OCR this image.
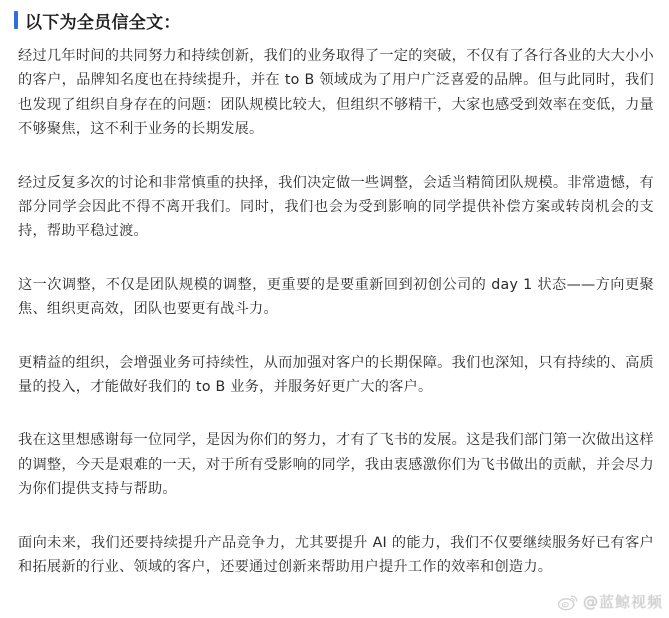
以下为全员信全文：

经过几年时间的共同努力和持续创新，我们的业务取得了一定的突破，不仅有了各行各业的大大小小的客户，品牌知名度也在持续提升，并在 to B 领域成为了用户广泛喜爱的品牌。但与此同时，我们也发现了组织自身存在的问题：团队规模比较大，但组织不够精干，大家也感受到效率在变低，力量不够聚焦，这不利于业务的长期发展。

经过反复多次的讨论和非常慎重的抉择，我们决定做一些调整，会适当精简团队规模。非常遗憾，有部分同学会因此不得不离开我们。同时，我们也会为受到影响的同学提供补偿方案或转岗机会的支持，帮助平稳过渡。

这一次调整，不仅是团队规模的调整，更重要的是要重新回到初创公司的 day 1 状态——方向更聚焦、组织更高效，团队也要更有战斗力。

更精益的组织，会增强业务可持续性，从而加强对客户的长期保障。我们也深知，只有持续的、高质量的投入，才能做好我们的 to B 业务，并服务好更广大的客户。

我在这里想感谢每一位同学，是因为你们的努力，才有了飞书的发展。这是我们部门第一次做出这样的调整，今天是艰难的一天，对于所有受影响的同学，我由衷感激你们为飞书做出的贡献，并会尽力为你们提供支持与帮助。

面向未来，我们还要持续提升产品竞争力，尤其要提升 AI 的能力，我们不仅要继续服务好已有客户和拓展新的行业、领域的客户，还要通过创新来帮助用户提升工作的效率和创造力。

@蓝鲸视频
